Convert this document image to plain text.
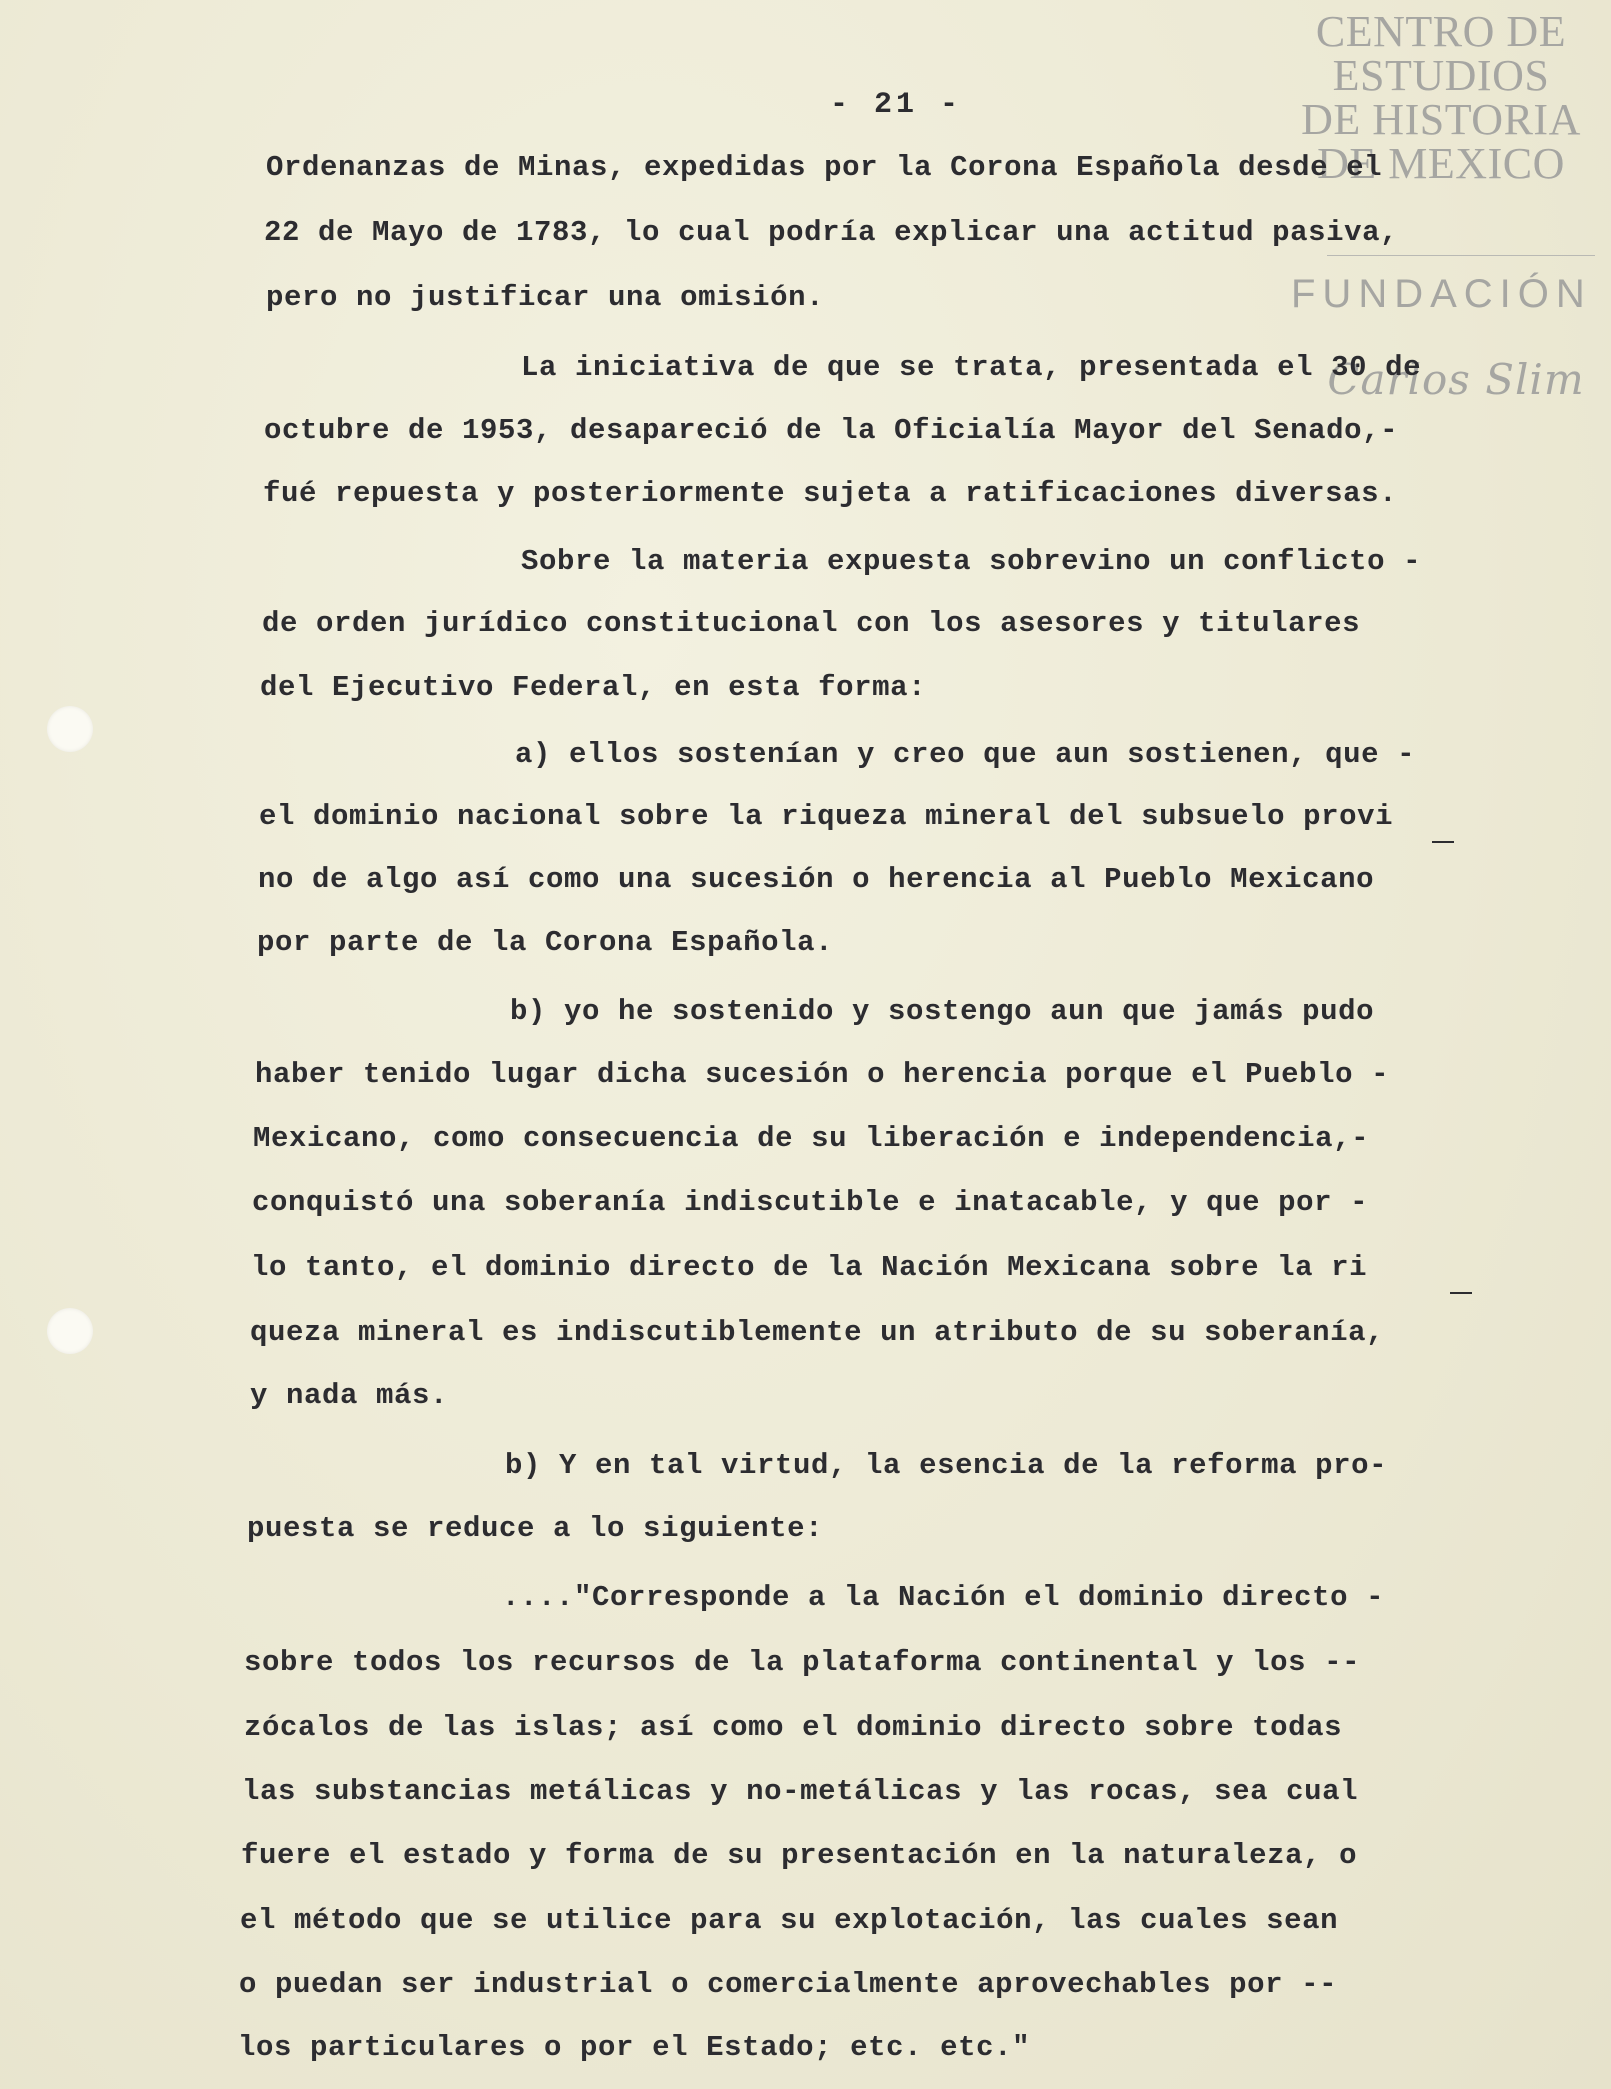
CENTRO DE
ESTUDIOS
DE HISTORIA
DE MEXICO
FUNDACIÓN
Carlos Slim
- 21 -
Ordenanzas de Minas, expedidas por la Corona Española desde el
22 de Mayo de 1783, lo cual podría explicar una actitud pasiva,
pero no justificar una omisión.
La iniciativa de que se trata, presentada el 30 de
octubre de 1953, desapareció de la Oficialía Mayor del Senado,-
fué repuesta y posteriormente sujeta a ratificaciones diversas.
Sobre la materia expuesta sobrevino un conflicto -
de orden jurídico constitucional con los asesores y titulares
del Ejecutivo Federal, en esta forma:
a) ellos sostenían y creo que aun sostienen, que -
el dominio nacional sobre la riqueza mineral del subsuelo provi
no de algo así como una sucesión o herencia al Pueblo Mexicano
por parte de la Corona Española.
b) yo he sostenido y sostengo aun que jamás pudo
haber tenido lugar dicha sucesión o herencia porque el Pueblo -
Mexicano, como consecuencia de su liberación e independencia,-
conquistó una soberanía indiscutible e inatacable, y que por -
lo tanto, el dominio directo de la Nación Mexicana sobre la ri
queza mineral es indiscutiblemente un atributo de su soberanía,
y nada más.
b) Y en tal virtud, la esencia de la reforma pro-
puesta se reduce a lo siguiente:
...."Corresponde a la Nación el dominio directo -
sobre todos los recursos de la plataforma continental y los --
zócalos de las islas; así como el dominio directo sobre todas
las substancias metálicas y no-metálicas y las rocas, sea cual
fuere el estado y forma de su presentación en la naturaleza, o
el método que se utilice para su explotación, las cuales sean
o puedan ser industrial o comercialmente aprovechables por --
los particulares o por el Estado; etc. etc."
